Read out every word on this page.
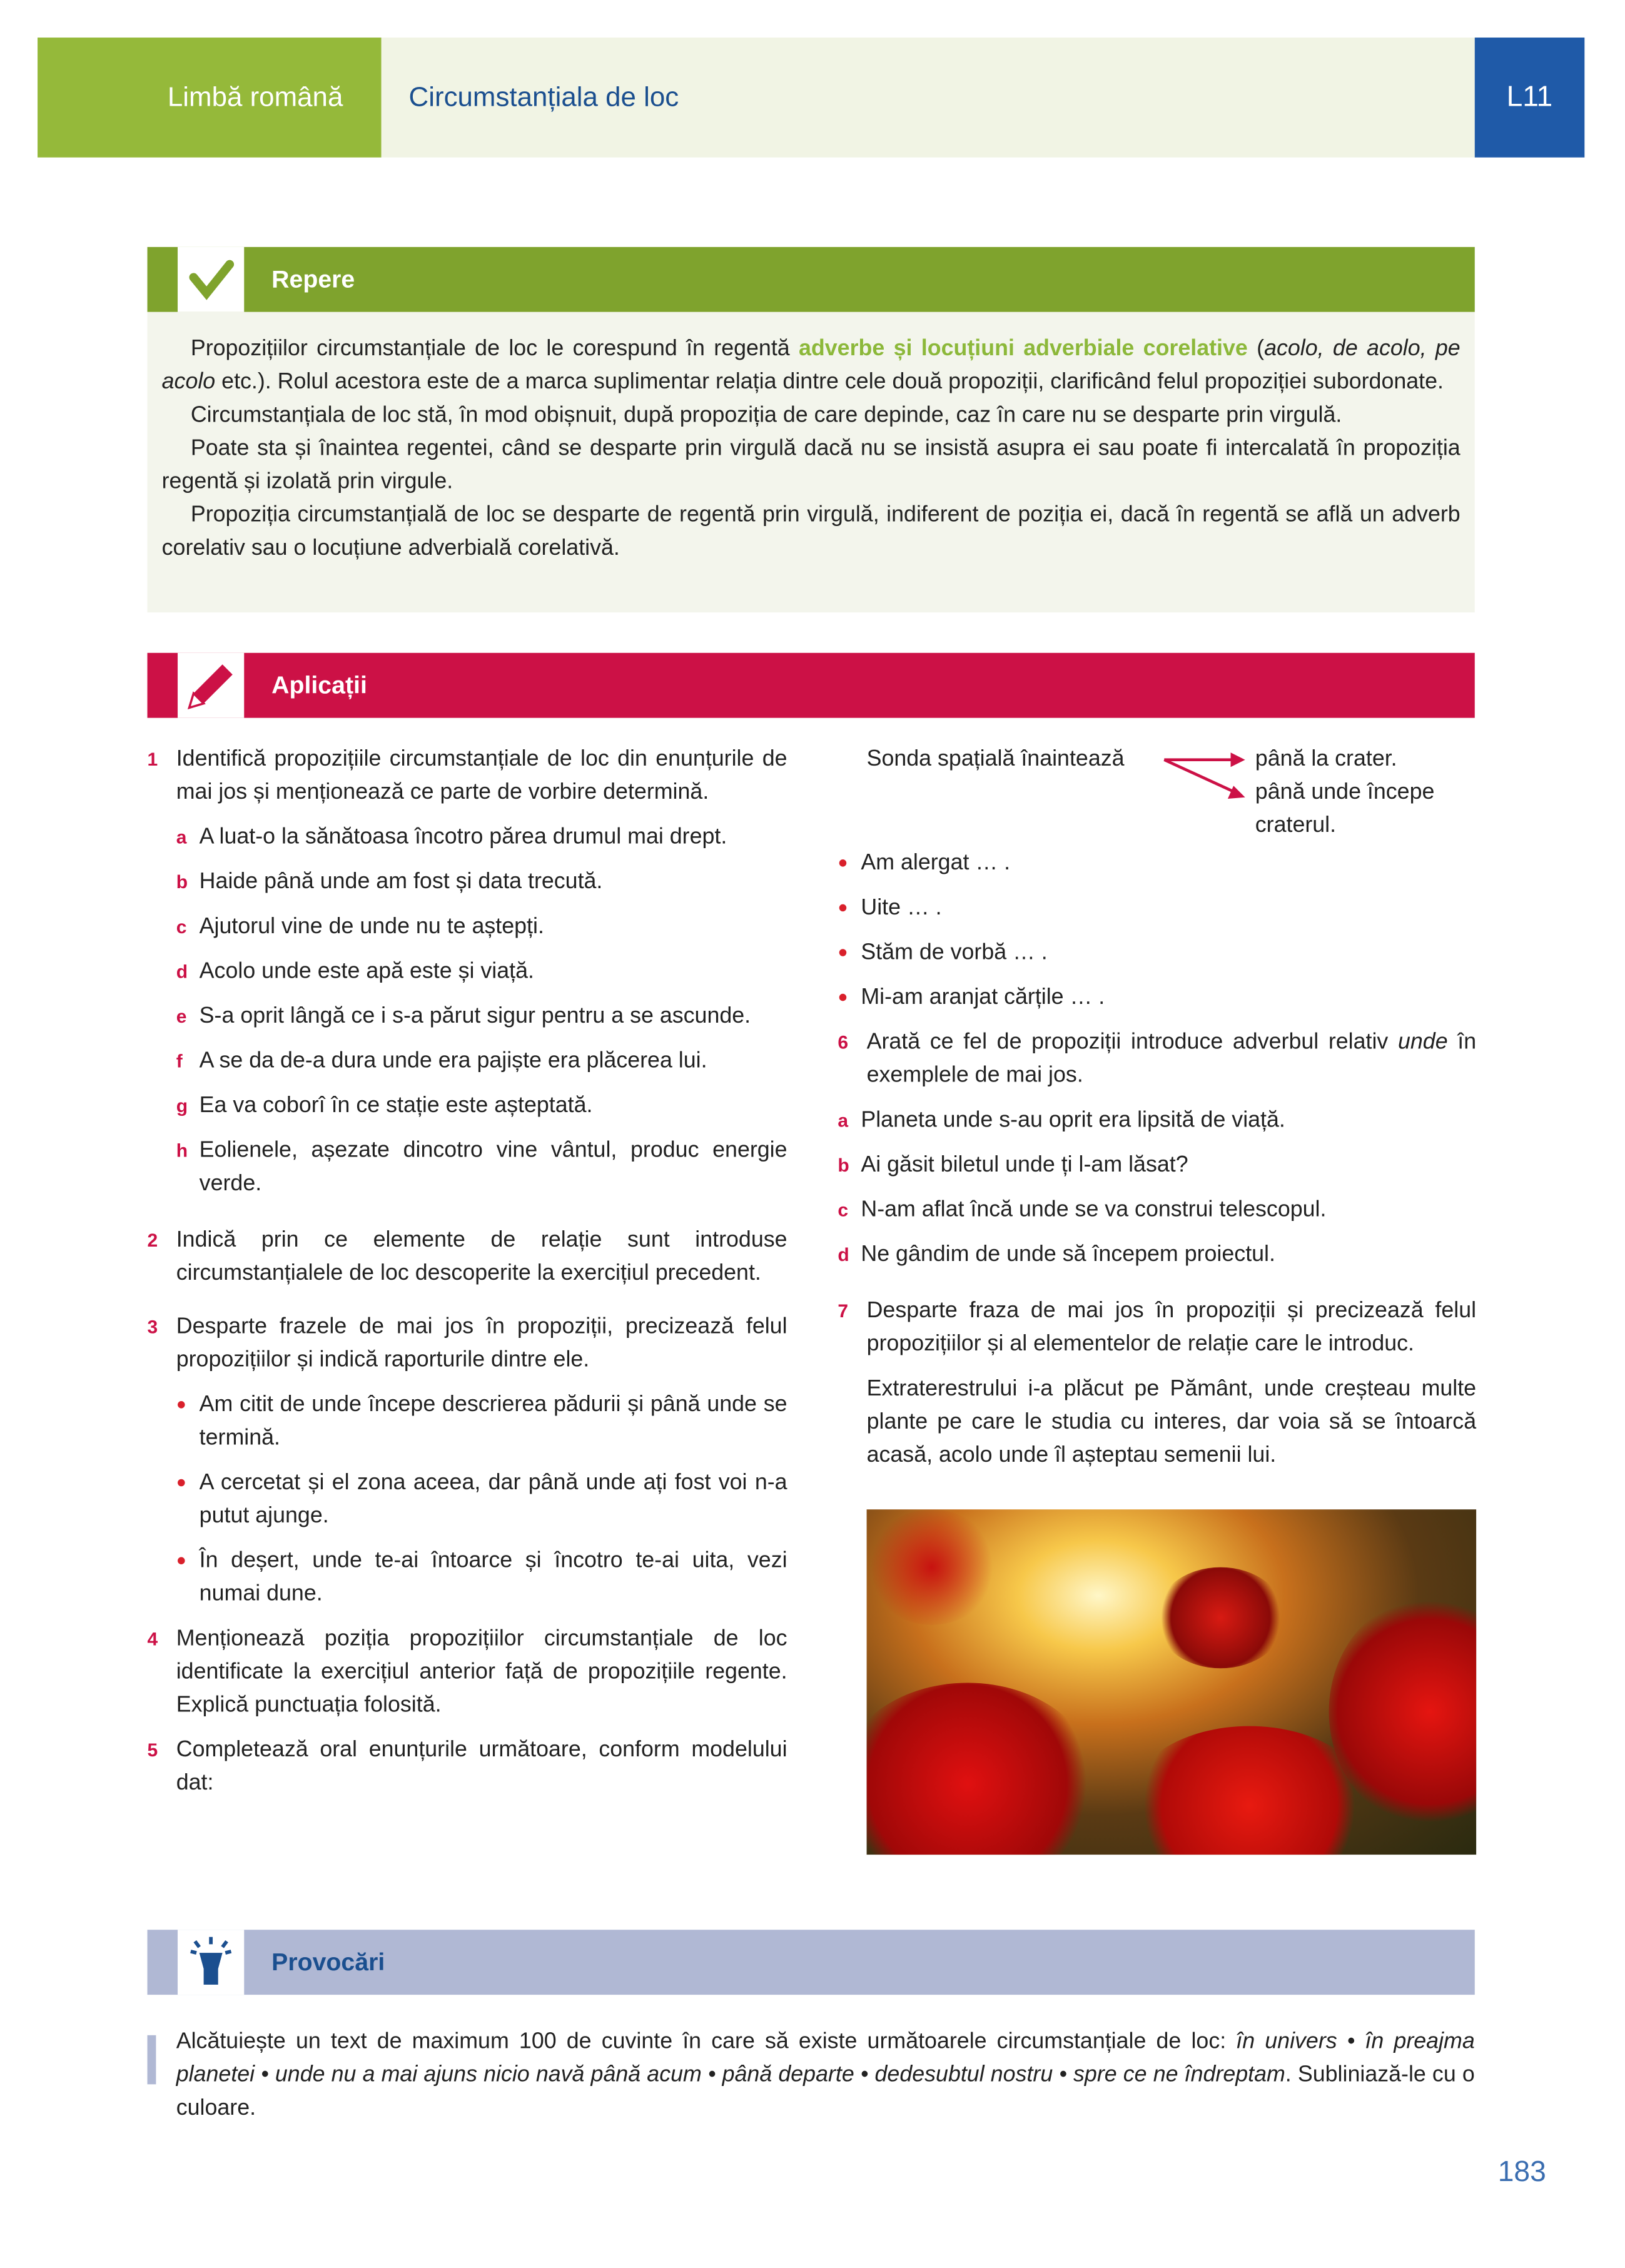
Limbă română	Circumstanțiala de loc	L11
Repere

Propozițiilor circumstanțiale de loc le corespund în regentă adverbe și locuțiuni adverbiale corelative (acolo, de acolo, pe acolo etc.). Rolul acestora este de a marca suplimentar relația dintre cele două propoziții, clarificând felul propoziției subordonate.

Circumstanțiala de loc stă, în mod obișnuit, după propoziția de care depinde, caz în care nu se desparte prin virgulă.

Poate sta și înaintea regentei, când se desparte prin virgulă dacă nu se insistă asupra ei sau poate fi intercalată în propoziția regentă și izolată prin virgule.

Propoziția circumstanțială de loc se desparte de regentă prin virgulă, indiferent de poziția ei, dacă în regentă se află un adverb corelativ sau o locuțiune adverbială corelativă.

Aplicații
1 Identifică propozițiile circumstanțiale de loc din enunțurile de mai jos și menționează ce parte de vorbire determină.
a A luat-o la sănătoasa încotro părea drumul mai drept.
b Haide până unde am fost și data trecută.
c Ajutorul vine de unde nu te aștepți.
d Acolo unde este apă este și viață.
e S-a oprit lângă ce i s-a părut sigur pentru a se ascunde.
f A se da de-a dura unde era pajiște era plăcerea lui.
g Ea va coborî în ce stație este așteptată.
h Eolienele, așezate dincotro vine vântul, produc energie verde.
2 Indică prin ce elemente de relație sunt introduse circumstanțialele de loc descoperite la exercițiul precedent.
3 Desparte frazele de mai jos în propoziții, precizează felul propozițiilor și indică raporturile dintre ele.
Am citit de unde începe descrierea pădurii și până unde se termină.
A cercetat și el zona aceea, dar până unde ați fost voi n-a putut ajunge.
În deșert, unde te-ai întoarce și încotro te-ai uita, vezi numai dune.
4 Menționează poziția propozițiilor circumstanțiale de loc identificate la exercițiul anterior față de propozițiile regente. Explică punctuația folosită.
5 Completează oral enunțurile următoare, conform modelului dat:
Sonda spațială înaintează	până la crater.
până unde începe craterul.
Am alergat … .
Uite … .
Stăm de vorbă … .
Mi-am aranjat cărțile … .
6 Arată ce fel de propoziții introduce adverbul relativ unde în exemplele de mai jos.
a Planeta unde s-au oprit era lipsită de viață.
b Ai găsit biletul unde ți l-am lăsat?
c N-am aflat încă unde se va construi telescopul.
d Ne gândim de unde să începem proiectul.
7 Desparte fraza de mai jos în propoziții și precizează felul propozițiilor și al elementelor de relație care le introduc.
Extraterestrului i-a plăcut pe Pământ, unde creșteau multe plante pe care le studia cu interes, dar voia să se întoarcă acasă, acolo unde îl așteptau semenii lui.
Provocări
Alcătuiește un text de maximum 100 de cuvinte în care să existe următoarele circumstanțiale de loc: în univers • în preajma planetei • unde nu a mai ajuns nicio navă până acum • până departe • dedesubtul nostru • spre ce ne îndreptam. Subliniază-le cu o culoare.
183
